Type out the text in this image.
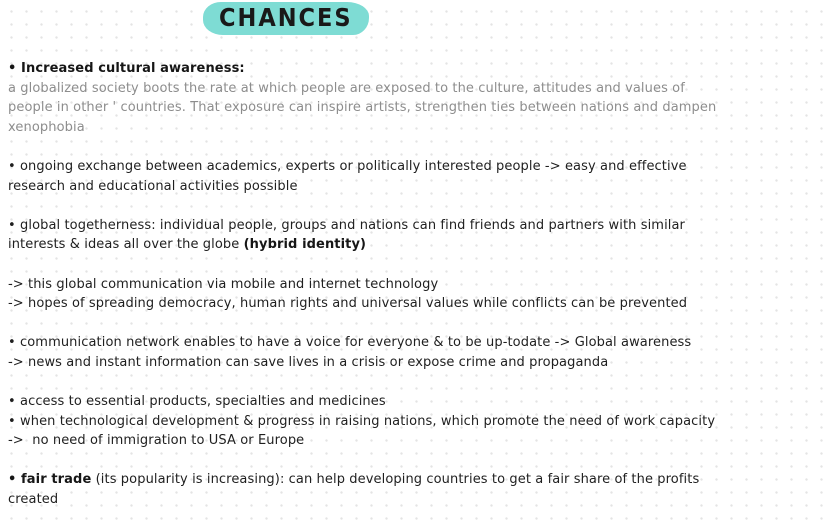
CHANCES
• Increased cultural awareness:
a globalized society boots the rate at which people are exposed to the culture, attitudes and values of
people in other ' countries. That exposure can inspire artists, strengthen ties between nations and dampen
xenophobia
• ongoing exchange between academics, experts or politically interested people -> easy and effective
research and educational activities possible
• global togetherness: individual people, groups and nations can find friends and partners with similar
interests & ideas all over the globe (hybrid identity)
-> this global communication via mobile and internet technology
-> hopes of spreading democracy, human rights and universal values while conflicts can be prevented
• communication network enables to have a voice for everyone & to be up-todate -> Global awareness
-> news and instant information can save lives in a crisis or expose crime and propaganda
• access to essential products, specialties and medicines
• when technological development & progress in raising nations, which promote the need of work capacity
->  no need of immigration to USA or Europe
• fair trade (its popularity is increasing): can help developing countries to get a fair share of the profits
created
